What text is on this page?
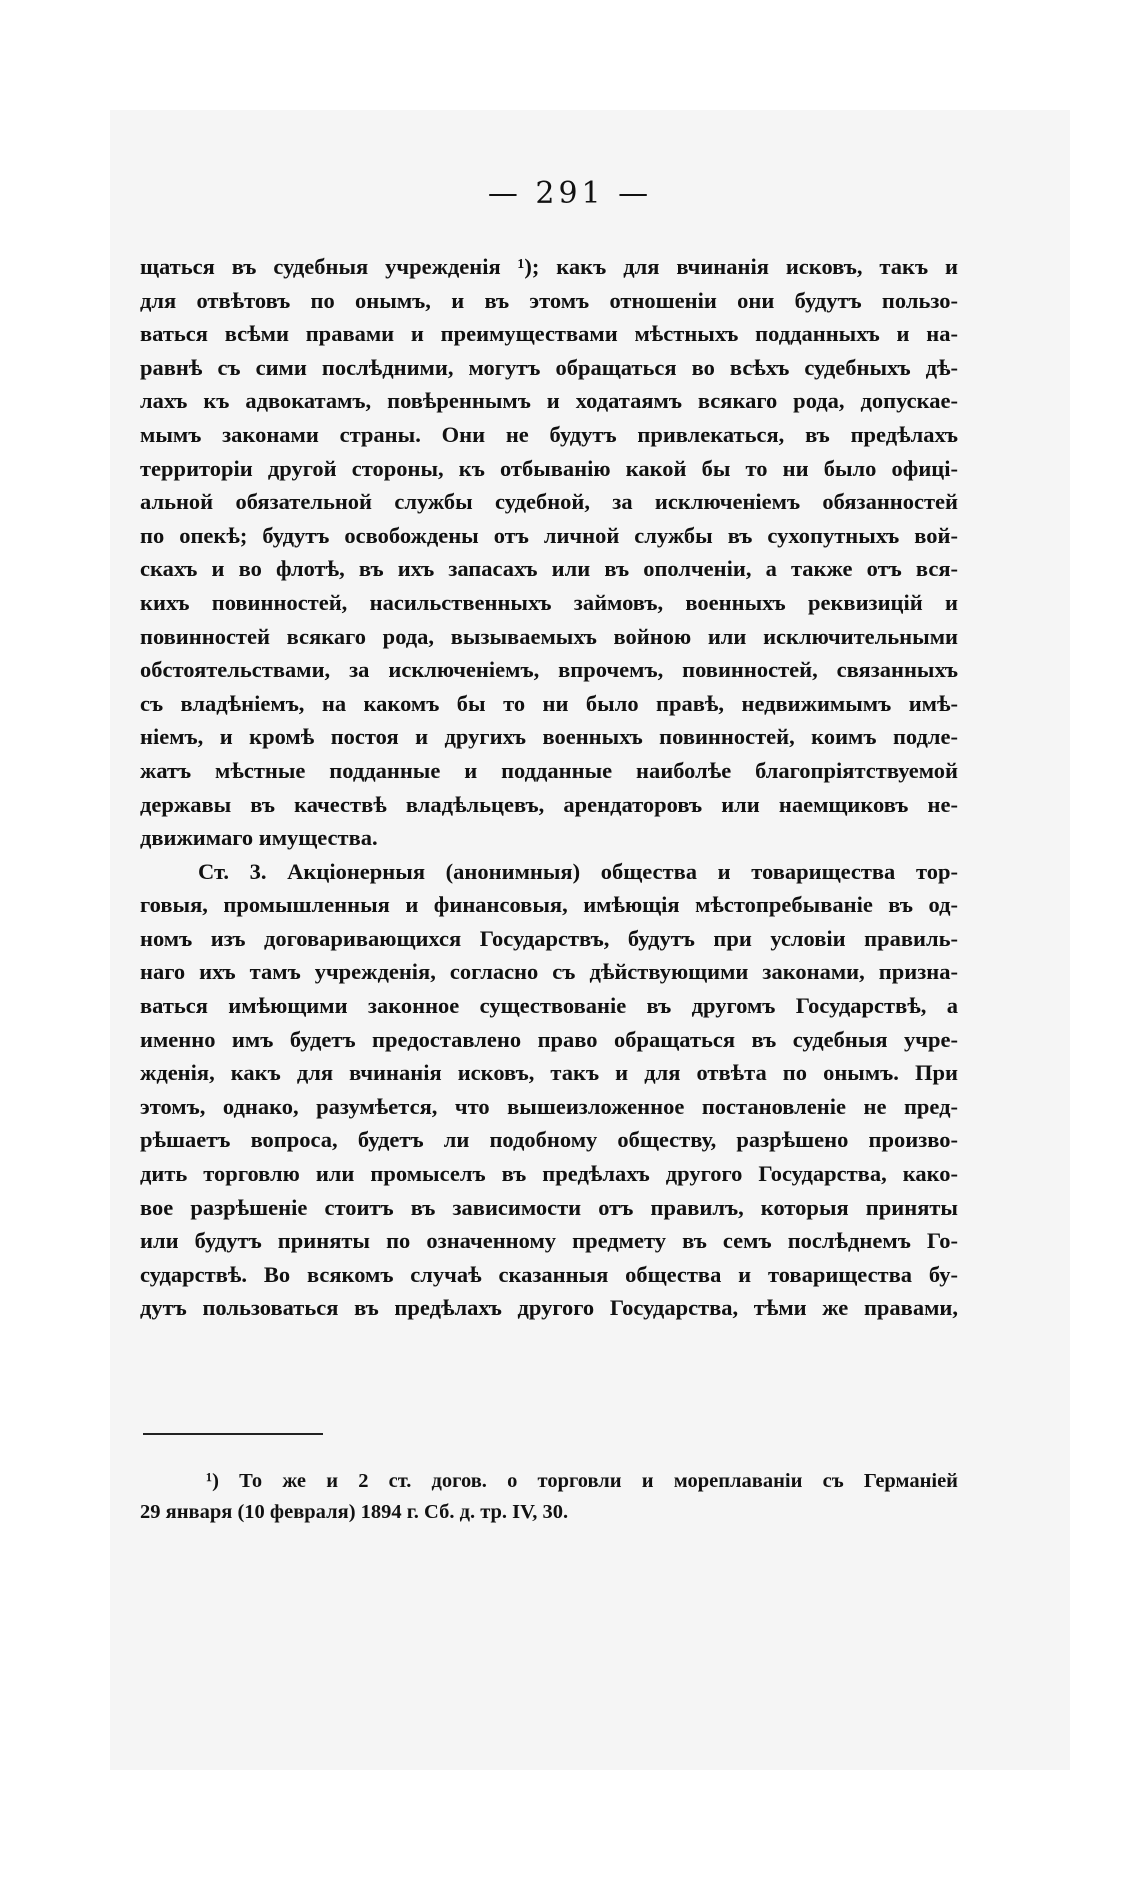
— 291 —
щаться въ судебныя учрежденія ¹); какъ для вчинанія исковъ, такъ и
для отвѣтовъ по онымъ, и въ этомъ отношеніи они будутъ пользо-
ваться всѣми правами и преимуществами мѣстныхъ подданныхъ и на-
равнѣ съ сими послѣдними, могутъ обращаться во всѣхъ судебныхъ дѣ-
лахъ къ адвокатамъ, повѣреннымъ и ходатаямъ всякаго рода, допускае-
мымъ законами страны. Они не будутъ привлекаться, въ предѣлахъ
территоріи другой стороны, къ отбыванію какой бы то ни было офиці-
альной обязательной службы судебной, за исключеніемъ обязанностей
по опекѣ; будутъ освобождены отъ личной службы въ сухопутныхъ вой-
скахъ и во флотѣ, въ ихъ запасахъ или въ ополченіи, а также отъ вся-
кихъ повинностей, насильственныхъ займовъ, военныхъ реквизицій и
повинностей всякаго рода, вызываемыхъ войною или исключительными
обстоятельствами, за исключеніемъ, впрочемъ, повинностей, связанныхъ
съ владѣніемъ, на какомъ бы то ни было правѣ, недвижимымъ имѣ-
ніемъ, и кромѣ постоя и другихъ военныхъ повинностей, коимъ подле-
жатъ мѣстные подданные и подданные наиболѣе благопріятствуемой
державы въ качествѣ владѣльцевъ, арендаторовъ или наемщиковъ не-
движимаго имущества.
Ст. 3. Акціонерныя (анонимныя) общества и товарищества тор-
говыя, промышленныя и финансовыя, имѣющія мѣстопребываніе въ од-
номъ изъ договаривающихся Государствъ, будутъ при условіи правиль-
наго ихъ тамъ учрежденія, согласно съ дѣйствующими законами, призна-
ваться имѣющими законное существованіе въ другомъ Государствѣ, а
именно имъ будетъ предоставлено право обращаться въ судебныя учре-
жденія, какъ для вчинанія исковъ, такъ и для отвѣта по онымъ. При
этомъ, однако, разумѣется, что вышеизложенное постановленіе не пред-
рѣшаетъ вопроса, будетъ ли подобному обществу, разрѣшено произво-
дить торговлю или промыселъ въ предѣлахъ другого Государства, како-
вое разрѣшеніе стоитъ въ зависимости отъ правилъ, которыя приняты
или будутъ приняты по означенному предмету въ семъ послѣднемъ Го-
сударствѣ. Во всякомъ случаѣ сказанныя общества и товарищества бу-
дутъ пользоваться въ предѣлахъ другого Государства, тѣми же правами,
¹) То же и 2 ст. догов. о торговли и мореплаваніи съ Германіей
29 января (10 февраля) 1894 г. Сб. д. тр. IV, 30.
